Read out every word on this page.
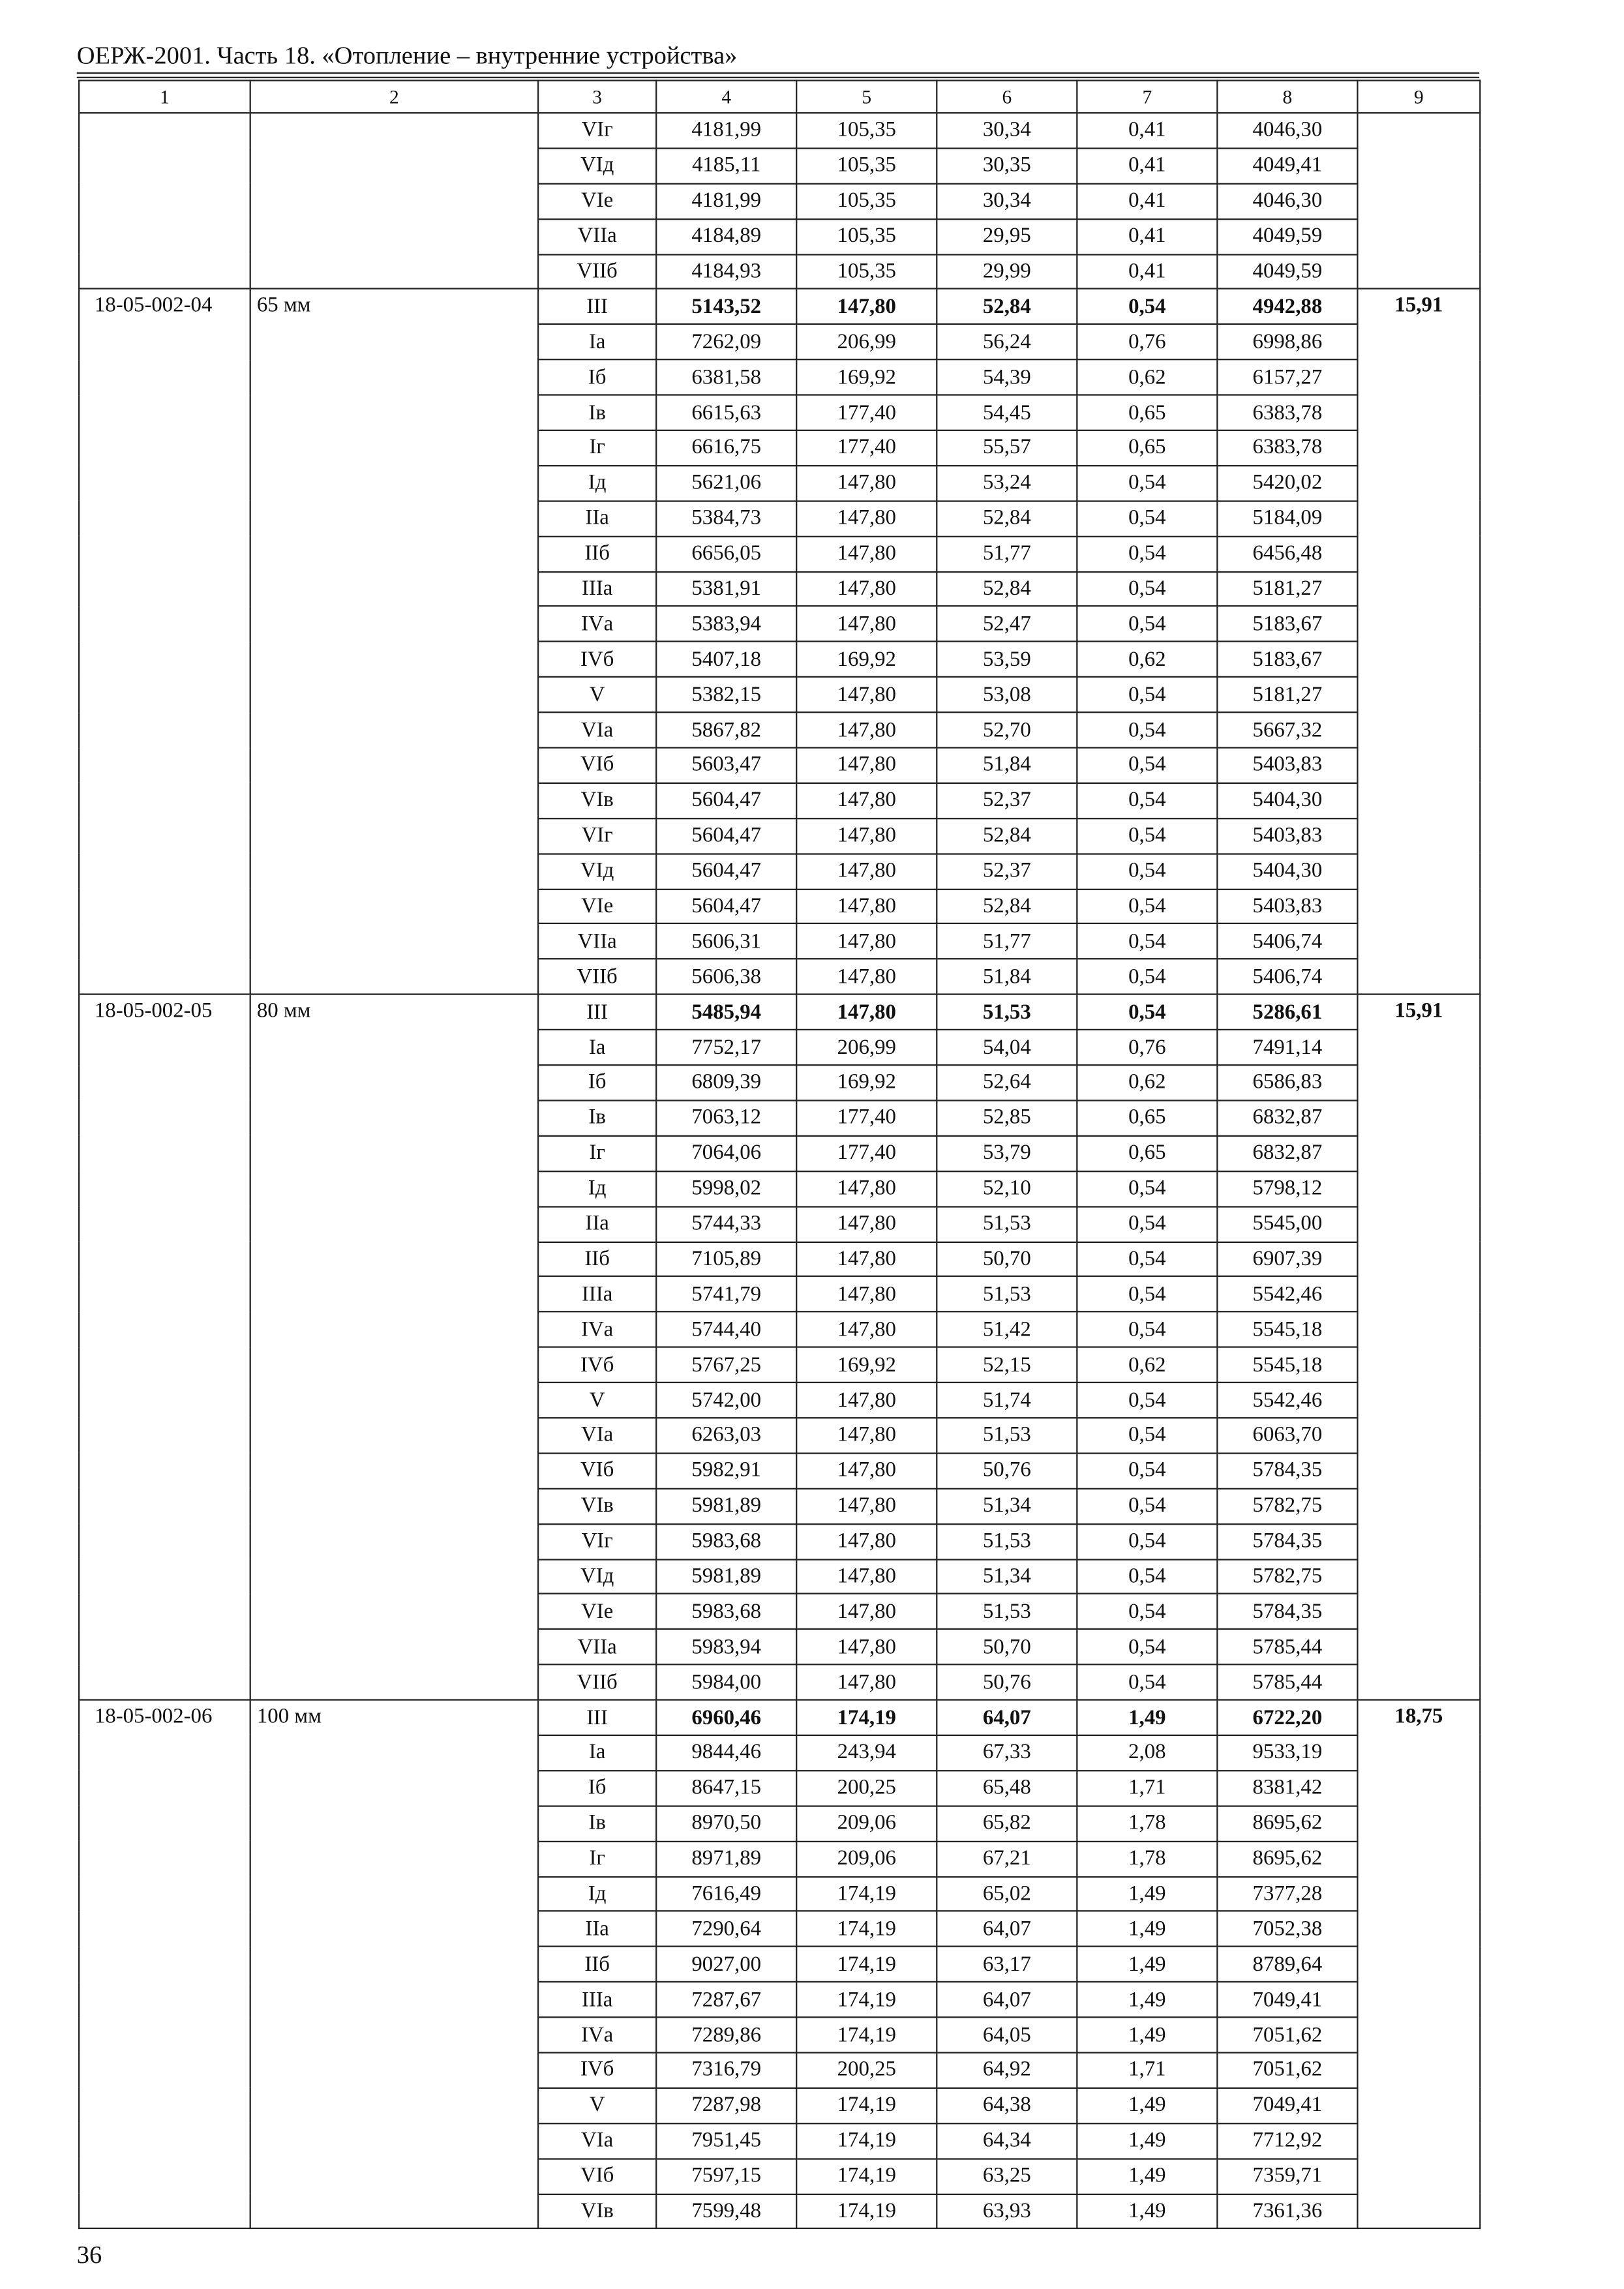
ОЕРЖ-2001. Часть 18. «Отопление – внутренние устройства»
1	2	3	4	5	6	7	8	9
		VIг	4181,99	105,35	30,34	0,41	4046,30	
		VIд	4185,11	105,35	30,35	0,41	4049,41	
		VIе	4181,99	105,35	30,34	0,41	4046,30	
		VIIа	4184,89	105,35	29,95	0,41	4049,59	
		VIIб	4184,93	105,35	29,99	0,41	4049,59	
18-05-002-04	65 мм	III	5143,52	147,80	52,84	0,54	4942,88	15,91
		Iа	7262,09	206,99	56,24	0,76	6998,86	
		Iб	6381,58	169,92	54,39	0,62	6157,27	
		Iв	6615,63	177,40	54,45	0,65	6383,78	
		Iг	6616,75	177,40	55,57	0,65	6383,78	
		Iд	5621,06	147,80	53,24	0,54	5420,02	
		IIа	5384,73	147,80	52,84	0,54	5184,09	
		IIб	6656,05	147,80	51,77	0,54	6456,48	
		IIIа	5381,91	147,80	52,84	0,54	5181,27	
		IVа	5383,94	147,80	52,47	0,54	5183,67	
		IVб	5407,18	169,92	53,59	0,62	5183,67	
		V	5382,15	147,80	53,08	0,54	5181,27	
		VIа	5867,82	147,80	52,70	0,54	5667,32	
		VIб	5603,47	147,80	51,84	0,54	5403,83	
		VIв	5604,47	147,80	52,37	0,54	5404,30	
		VIг	5604,47	147,80	52,84	0,54	5403,83	
		VIд	5604,47	147,80	52,37	0,54	5404,30	
		VIе	5604,47	147,80	52,84	0,54	5403,83	
		VIIа	5606,31	147,80	51,77	0,54	5406,74	
		VIIб	5606,38	147,80	51,84	0,54	5406,74	
18-05-002-05	80 мм	III	5485,94	147,80	51,53	0,54	5286,61	15,91
		Iа	7752,17	206,99	54,04	0,76	7491,14	
		Iб	6809,39	169,92	52,64	0,62	6586,83	
		Iв	7063,12	177,40	52,85	0,65	6832,87	
		Iг	7064,06	177,40	53,79	0,65	6832,87	
		Iд	5998,02	147,80	52,10	0,54	5798,12	
		IIа	5744,33	147,80	51,53	0,54	5545,00	
		IIб	7105,89	147,80	50,70	0,54	6907,39	
		IIIа	5741,79	147,80	51,53	0,54	5542,46	
		IVа	5744,40	147,80	51,42	0,54	5545,18	
		IVб	5767,25	169,92	52,15	0,62	5545,18	
		V	5742,00	147,80	51,74	0,54	5542,46	
		VIа	6263,03	147,80	51,53	0,54	6063,70	
		VIб	5982,91	147,80	50,76	0,54	5784,35	
		VIв	5981,89	147,80	51,34	0,54	5782,75	
		VIг	5983,68	147,80	51,53	0,54	5784,35	
		VIд	5981,89	147,80	51,34	0,54	5782,75	
		VIе	5983,68	147,80	51,53	0,54	5784,35	
		VIIа	5983,94	147,80	50,70	0,54	5785,44	
		VIIб	5984,00	147,80	50,76	0,54	5785,44	
18-05-002-06	100 мм	III	6960,46	174,19	64,07	1,49	6722,20	18,75
		Iа	9844,46	243,94	67,33	2,08	9533,19	
		Iб	8647,15	200,25	65,48	1,71	8381,42	
		Iв	8970,50	209,06	65,82	1,78	8695,62	
		Iг	8971,89	209,06	67,21	1,78	8695,62	
		Iд	7616,49	174,19	65,02	1,49	7377,28	
		IIа	7290,64	174,19	64,07	1,49	7052,38	
		IIб	9027,00	174,19	63,17	1,49	8789,64	
		IIIа	7287,67	174,19	64,07	1,49	7049,41	
		IVа	7289,86	174,19	64,05	1,49	7051,62	
		IVб	7316,79	200,25	64,92	1,71	7051,62	
		V	7287,98	174,19	64,38	1,49	7049,41	
		VIа	7951,45	174,19	64,34	1,49	7712,92	
		VIб	7597,15	174,19	63,25	1,49	7359,71	
		VIв	7599,48	174,19	63,93	1,49	7361,36	
36
